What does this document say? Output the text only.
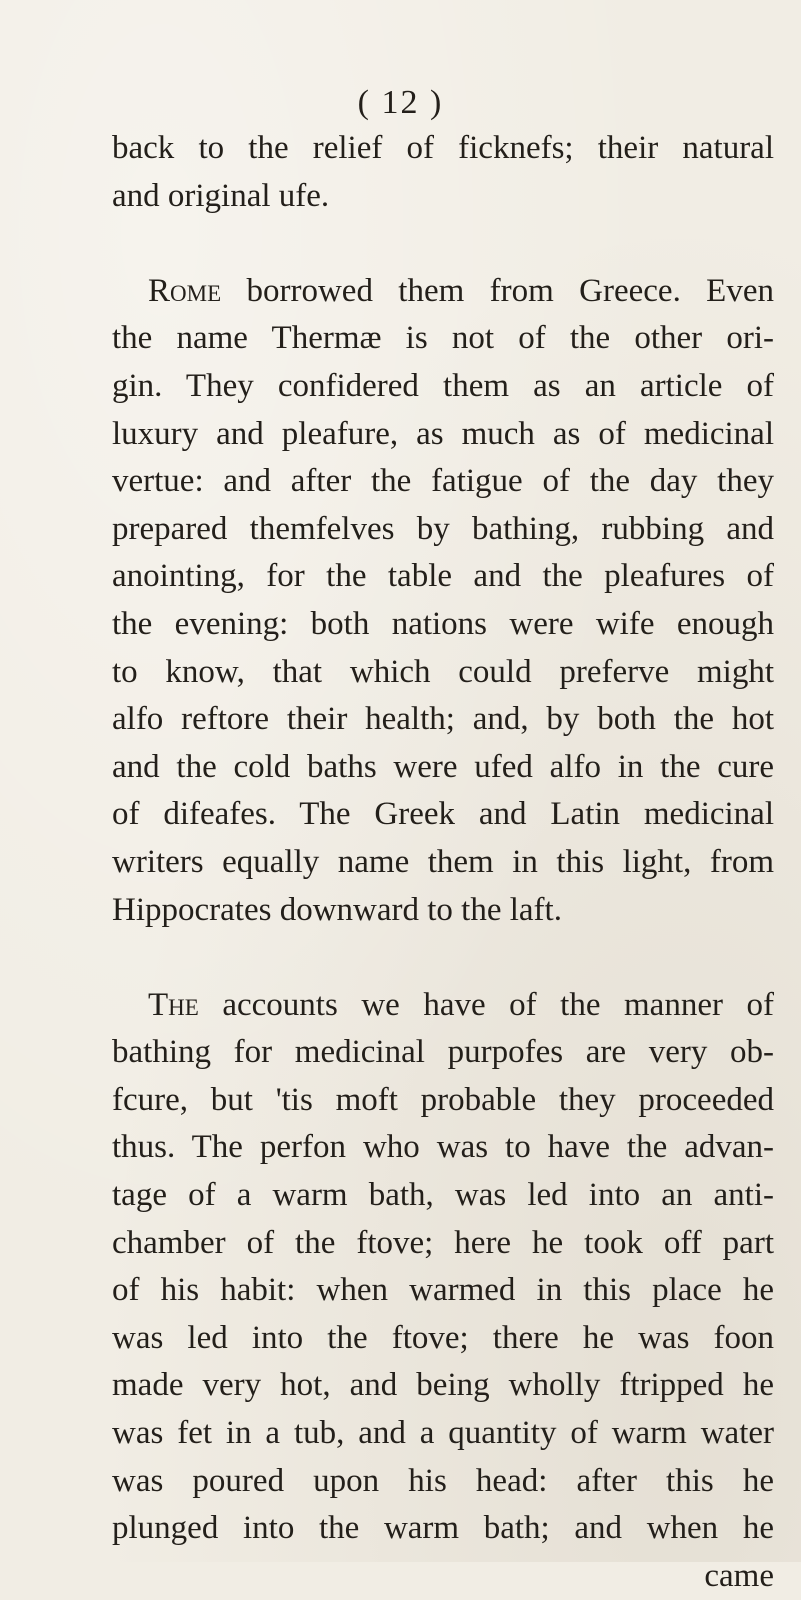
( 12 )
back to the relief of ficknefs; their natural
and original ufe.
Rome borrowed them from Greece. Even
the name Thermæ is not of the other ori-
gin. They confidered them as an article of
luxury and pleafure, as much as of medicinal
vertue: and after the fatigue of the day they
prepared themfelves by bathing, rubbing and
anointing, for the table and the pleafures of
the evening: both nations were wife enough
to know, that which could preferve might
alfo reftore their health; and, by both the hot
and the cold baths were ufed alfo in the cure
of difeafes. The Greek and Latin medicinal
writers equally name them in this light, from
Hippocrates downward to the laft.
The accounts we have of the manner of
bathing for medicinal purpofes are very ob-
fcure, but 'tis moft probable they proceeded
thus. The perfon who was to have the advan-
tage of a warm bath, was led into an anti-
chamber of the ftove; here he took off part
of his habit: when warmed in this place he
was led into the ftove; there he was foon
made very hot, and being wholly ftripped he
was fet in a tub, and a quantity of warm water
was poured upon his head: after this he
plunged into the warm bath; and when he
came
